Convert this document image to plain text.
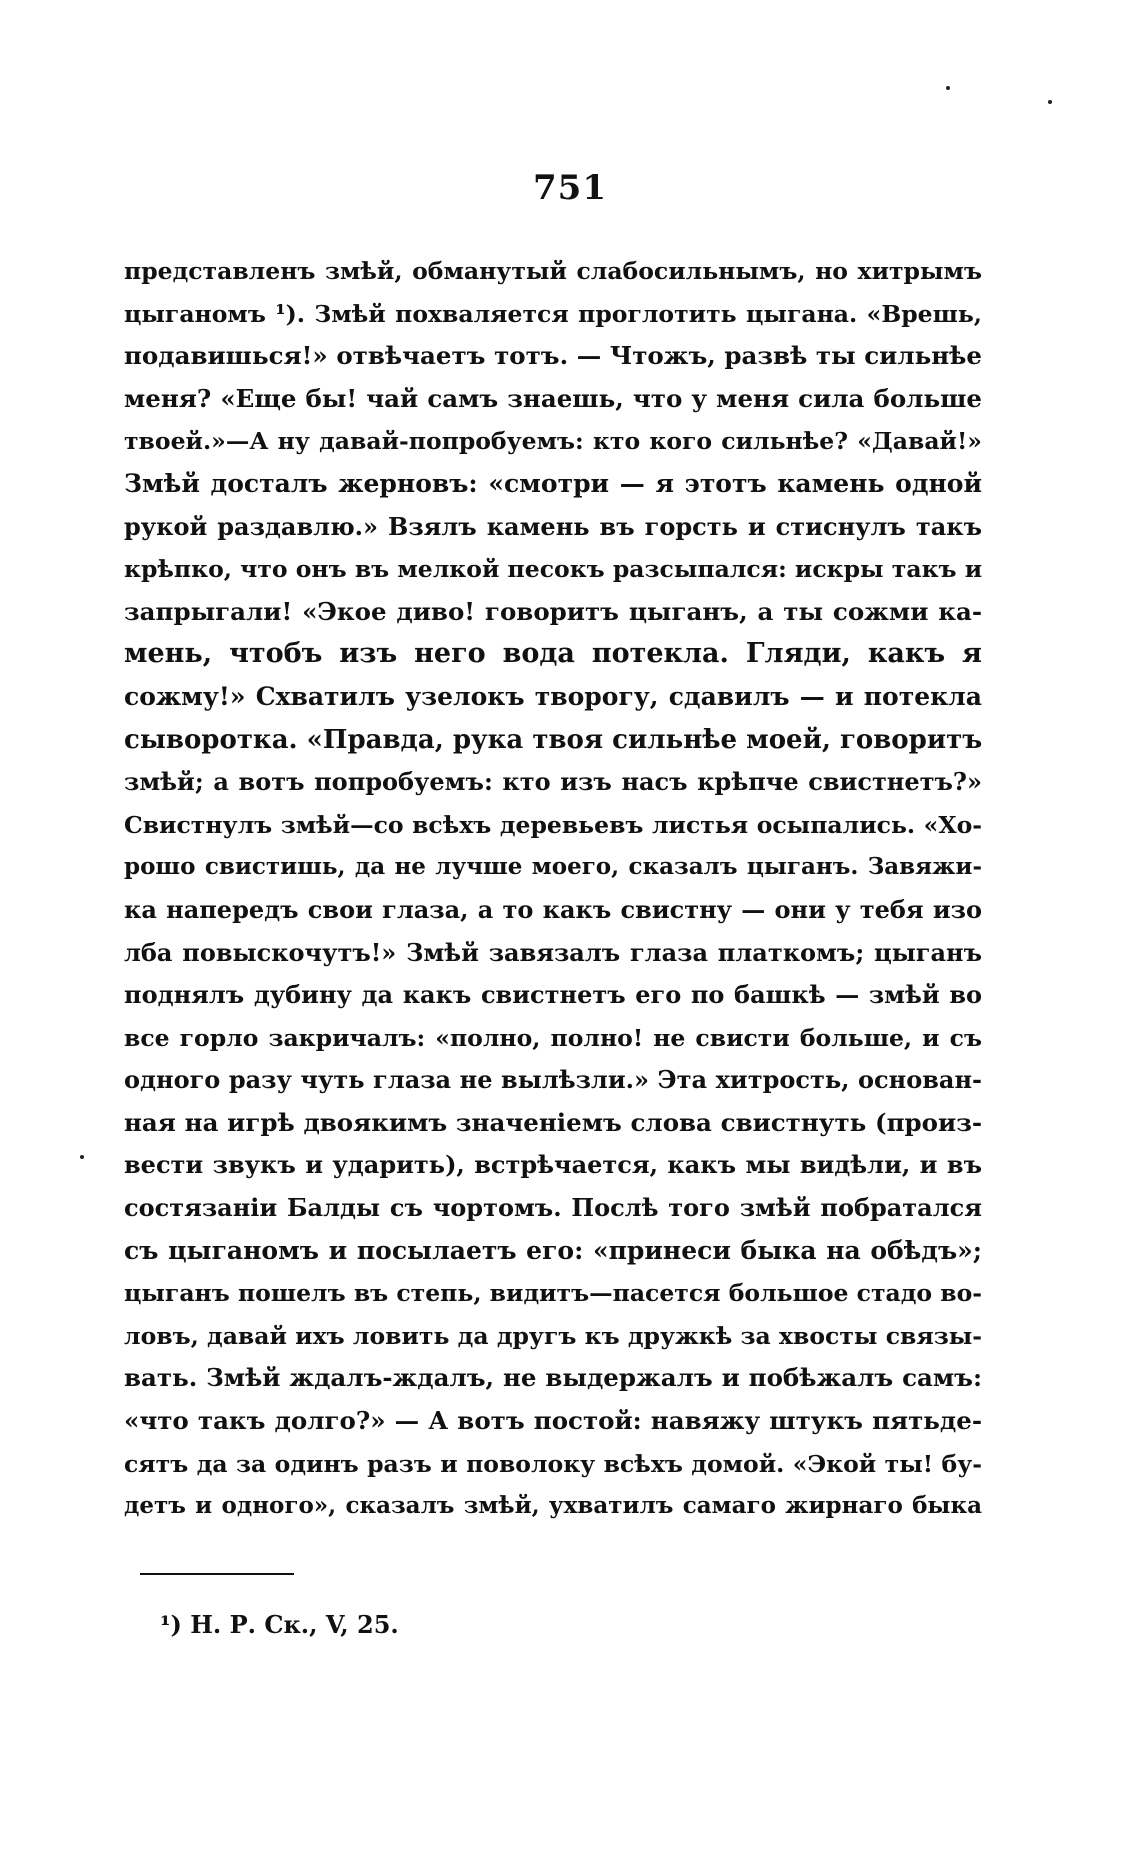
751
представленъ змѣй, обманутый слабосильнымъ, но хитрымъ
цыганомъ ¹). Змѣй похваляется проглотить цыгана. «Врешь,
подавишься!» отвѣчаетъ тотъ. — Чтожъ, развѣ ты сильнѣе
меня? «Еще бы! чай самъ знаешь, что у меня сила больше
твоей.»—А ну давай-попробуемъ: кто кого сильнѣе? «Давай!»
Змѣй досталъ жерновъ: «смотри — я этотъ камень одной
рукой раздавлю.» Взялъ камень въ горсть и стиснулъ такъ
крѣпко, что онъ въ мелкой песокъ разсыпался: искры такъ и
запрыгали! «Экое диво! говоритъ цыганъ, а ты сожми ка-
мень, чтобъ изъ него вода потекла. Гляди, какъ я
сожму!» Схватилъ узелокъ творогу, сдавилъ — и потекла
сыворотка. «Правда, рука твоя сильнѣе моей, говоритъ
змѣй; а вотъ попробуемъ: кто изъ насъ крѣпче свистнетъ?»
Свистнулъ змѣй—со всѣхъ деревьевъ листья осыпались. «Хо-
рошо свистишь, да не лучше моего, сказалъ цыганъ. Завяжи-
ка напередъ свои глаза, а то какъ свистну — они у тебя изо
лба повыскочутъ!» Змѣй завязалъ глаза платкомъ; цыганъ
поднялъ дубину да какъ свистнетъ его по башкѣ — змѣй во
все горло закричалъ: «полно, полно! не свисти больше, и съ
одного разу чуть глаза не вылѣзли.» Эта хитрость, основан-
ная на игрѣ двоякимъ значеніемъ слова свистнуть (произ-
вести звукъ и ударить), встрѣчается, какъ мы видѣли, и въ
состязаніи Балды съ чортомъ. Послѣ того змѣй побратался
съ цыганомъ и посылаетъ его: «принеси быка на обѣдъ»;
цыганъ пошелъ въ степь, видитъ—пасется большое стадо во-
ловъ, давай ихъ ловить да другъ къ дружкѣ за хвосты связы-
вать. Змѣй ждалъ-ждалъ, не выдержалъ и побѣжалъ самъ:
«что такъ долго?» — А вотъ постой: навяжу штукъ пятьде-
сятъ да за одинъ разъ и поволоку всѣхъ домой. «Экой ты! бу-
детъ и одного», сказалъ змѣй, ухватилъ самаго жирнаго быка
¹) Н. Р. Ск., V, 25.
